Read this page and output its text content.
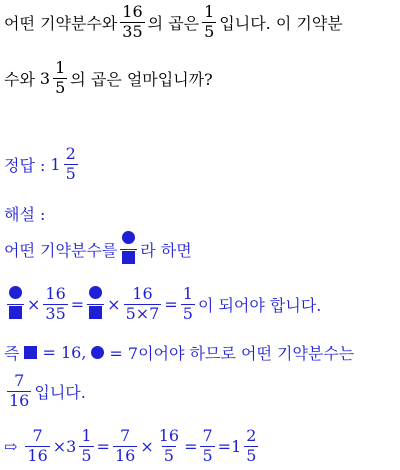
어떤 기약분수와 $\frac{16}{35}$ 의 곱은 $\frac{1}{5}$ 입니다. 이 기약분
수와 $3 \frac{1}{5}$ 의 곱은 얼마입니까?
정답 : $1 \frac{2}{5}$
해설 :
어떤 기약분수를 라 하면
× $\frac{16}{35}$ = × $\frac{16}{5\times 7} = \frac{1}{5}$ 이 되어야 합니다.
즉 = 16, = 7이어야 하므로 어떤 기약분수는
$\frac{7}{16}$ 입니다.
⇨ $\frac{7}{16} \times 3 \frac{1}{5} = \frac{7}{16} \times \frac{16}{5} = \frac{7}{5} = 1 \frac{2}{5}$
